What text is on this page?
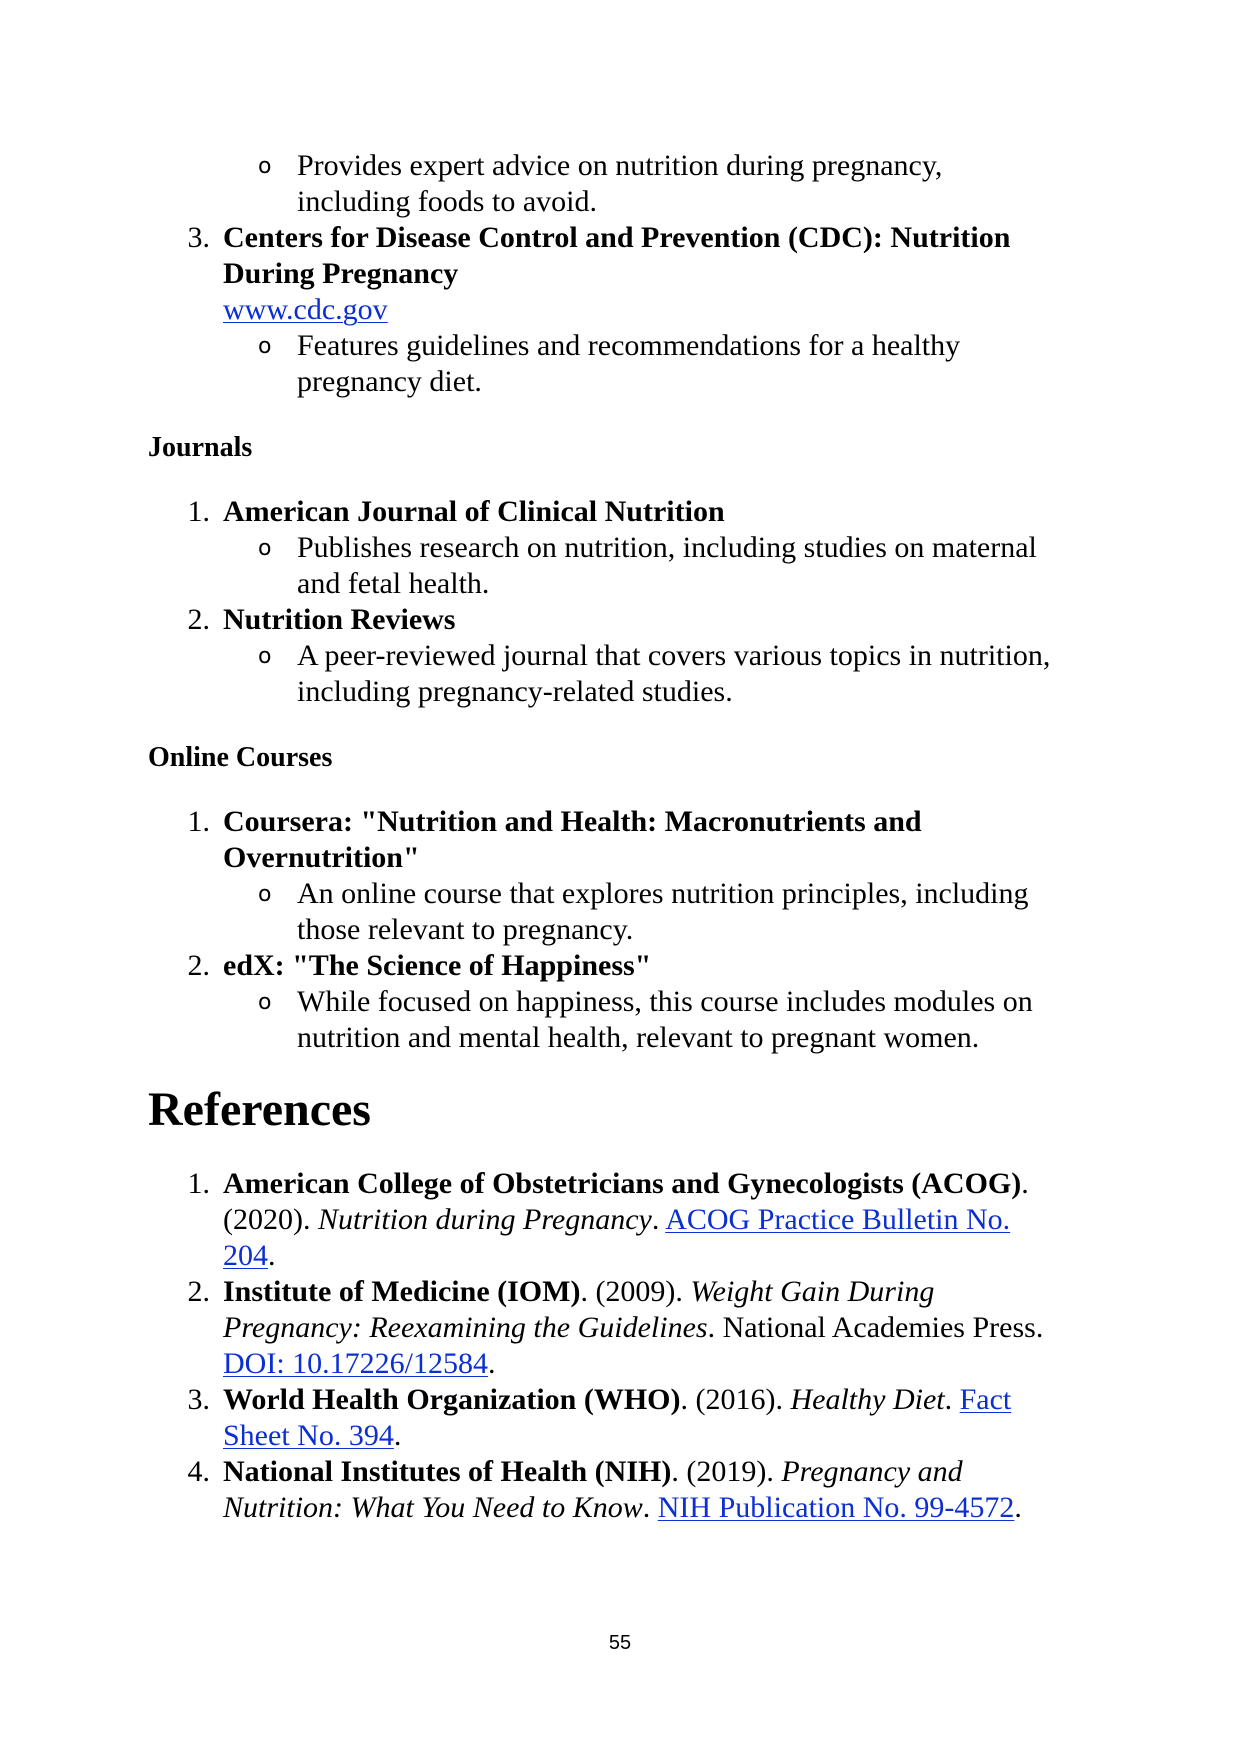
o Provides expert advice on nutrition during pregnancy,
including foods to avoid.
3. Centers for Disease Control and Prevention (CDC): Nutrition
During Pregnancy
www.cdc.gov
o Features guidelines and recommendations for a healthy
pregnancy diet.
Journals
1. American Journal of Clinical Nutrition
o Publishes research on nutrition, including studies on maternal
and fetal health.
2. Nutrition Reviews
o A peer-reviewed journal that covers various topics in nutrition,
including pregnancy-related studies.
Online Courses
1. Coursera: "Nutrition and Health: Macronutrients and
Overnutrition"
o An online course that explores nutrition principles, including
those relevant to pregnancy.
2. edX: "The Science of Happiness"
o While focused on happiness, this course includes modules on
nutrition and mental health, relevant to pregnant women.
References
1. American College of Obstetricians and Gynecologists (ACOG).
(2020). Nutrition during Pregnancy. ACOG Practice Bulletin No.
204.
2. Institute of Medicine (IOM). (2009). Weight Gain During
Pregnancy: Reexamining the Guidelines. National Academies Press.
DOI: 10.17226/12584.
3. World Health Organization (WHO). (2016). Healthy Diet. Fact
Sheet No. 394.
4. National Institutes of Health (NIH). (2019). Pregnancy and
Nutrition: What You Need to Know. NIH Publication No. 99-4572.
55
